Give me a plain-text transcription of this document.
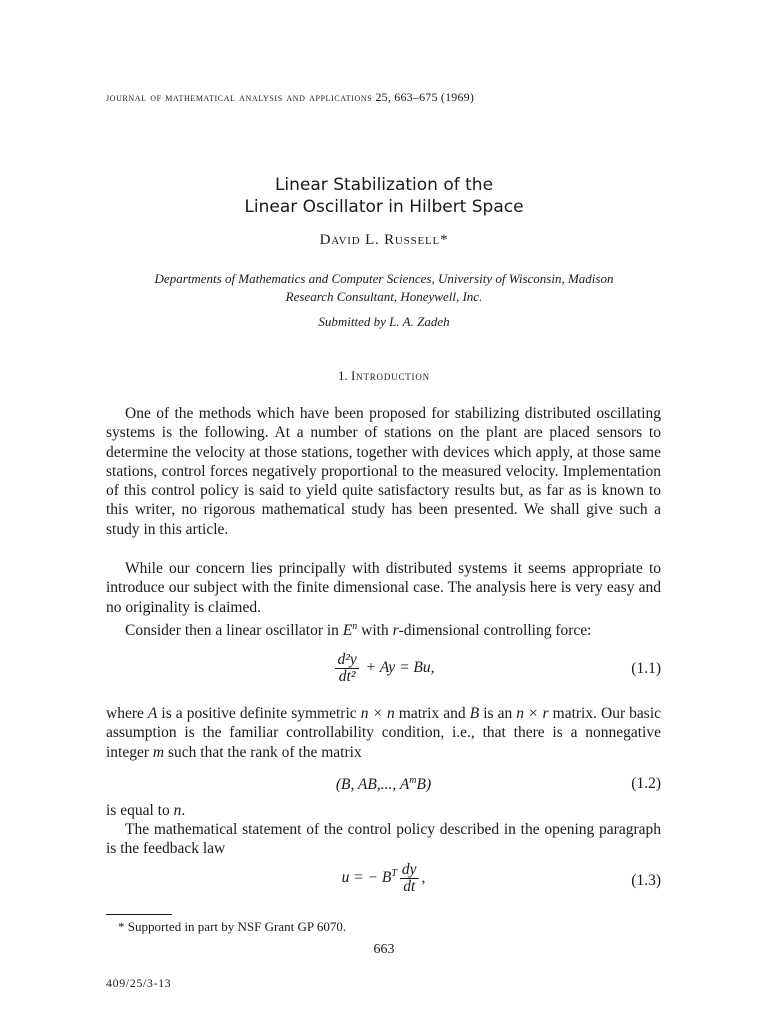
journal of mathematical analysis and applications 25, 663–675 (1969)
Linear Stabilization of the
Linear Oscillator in Hilbert Space
David L. Russell*
Departments of Mathematics and Computer Sciences, University of Wisconsin, Madison
Research Consultant, Honeywell, Inc.
Submitted by L. A. Zadeh
1. Introduction
One of the methods which have been proposed for stabilizing distributed oscillating systems is the following. At a number of stations on the plant are placed sensors to determine the velocity at those stations, together with devices which apply, at those same stations, control forces negatively proportional to the measured velocity. Implementation of this control policy is said to yield quite satisfactory results but, as far as is known to this writer, no rigorous mathematical study has been presented. We shall give such a study in this article.
While our concern lies principally with distributed systems it seems appropriate to introduce our subject with the finite dimensional case. The analysis here is very easy and no originality is claimed.
Consider then a linear oscillator in $E^n$ with r-dimensional controlling force:
$\frac{\text{d²y}}{\text{dt²}} + Ay = Bu$,	(1.1)
where A is a positive definite symmetric n × n matrix and B is an n × r matrix. Our basic assumption is the familiar controllability condition, i.e., that there is a nonnegative integer m such that the rank of the matrix
(B, AB,..., $A^mB$)	(1.2)
is equal to n.
The mathematical statement of the control policy described in the opening paragraph is the feedback law
u = − $B^T \frac{dy}{dt}$ ,	(1.3)
* Supported in part by NSF Grant GP 6070.
663
409/25/3-13
